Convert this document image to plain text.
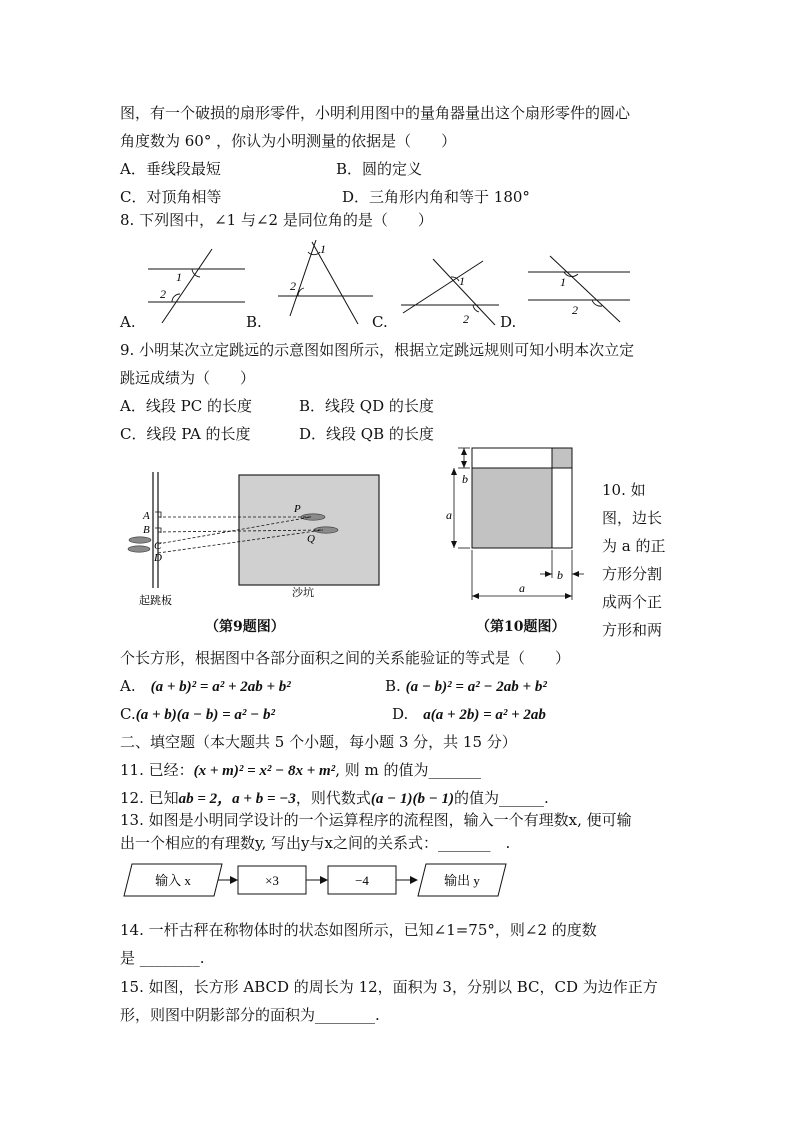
图，有一个破损的扇形零件，小明利用图中的量角器量出这个扇形零件的圆心
角度数为 60° ，你认为小明测量的依据是（　　）
A．垂线段最短	B．圆的定义
C．对顶角相等	D．三角形内角和等于 180°
8. 下列图中，∠1 与∠2 是同位角的是（　　）
1
2
1
2	1
2
1
2
A.	B.	C.	D.
9. 小明某次立定跳远的示意图如图所示，根据立定跳远规则可知小明本次立定
跳远成绩为（　　）
A．线段 PC 的长度	B．线段 QD 的长度
C．线段 PA 的长度	D．线段 QB 的长度
A
B
C
D
P
Q
起跳板
沙坑
（第9题图）
b
a
b
a
（第10题图）
10. 如
图，边长
为 a 的正
方形分割
成两个正
方形和两
个长方形，根据图中各部分面积之间的关系能验证的等式是（　　）
A.　 (a + b)² = a² + 2ab + b²	B. (a − b)² = a² − 2ab + b²
C.(a + b)(a − b) = a² − b²	D.　 a(a + 2b) = a² + 2ab
二、填空题（本大题共 5 个小题，每小题 3 分，共 15 分）
11. 已经：(x + m)² = x² − 8x + m², 则 m 的值为_______
12. 已知ab = 2，a + b = −3，则代数式(a − 1)(b − 1)的值为______.
13. 如图是小明同学设计的一个运算程序的流程图，输入一个有理数x, 便可输
出一个相应的有理数y, 写出y与x之间的关系式：_______　.
输入 x	×3	−4	输出 y
14. 一杆古秤在称物体时的状态如图所示，已知∠1=75°，则∠2 的度数
是 ________.
15. 如图，长方形 ABCD 的周长为 12，面积为 3，分别以 BC，CD 为边作正方
形，则图中阴影部分的面积为________.
